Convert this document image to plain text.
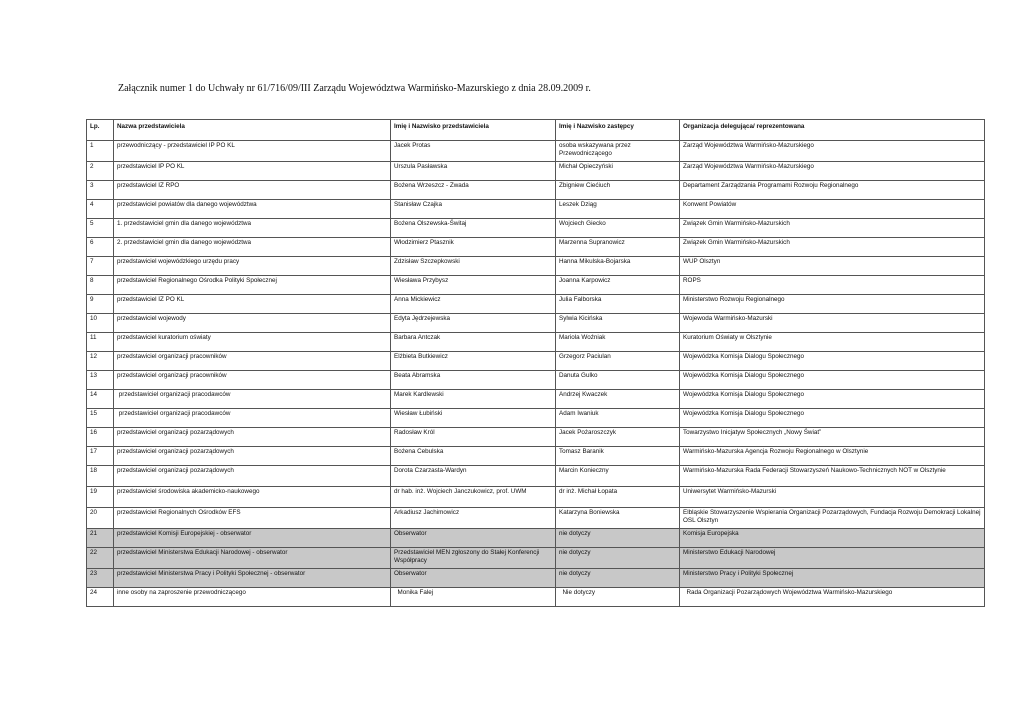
Załącznik numer 1 do Uchwały nr 61/716/09/III Zarządu Województwa Warmińsko-Mazurskiego z dnia 28.09.2009 r.
Lp.	Nazwa przedstawiciela	Imię i Nazwisko przedstawiciela	Imię i Nazwisko zastępcy	Organizacja delegująca/ reprezentowana
1	przewodniczący - przedstawiciel IP PO KL	Jacek Protas	osoba wskazywana przez Przewodniczącego	Zarząd Województwa Warmińsko-Mazurskiego
2	przedstawiciel IP PO KL	Urszula Pasławska	Michał Opieczyński	Zarząd Województwa Warmińsko-Mazurskiego
3	przedstawiciel IZ RPO	Bożena Wrzeszcz - Zwada	Zbigniew Ciećiuch	Departament Zarządzania Programami Rozwoju Regionalnego
4	przedstawiciel powiatów dla danego województwa	Stanisław Czajka	Leszek Dziąg	Konwent Powiatów
5	1. przedstawiciel gmin dla danego województwa	Bożena Olszewska-Świtaj	Wojciech Giecko	Związek Gmin Warmińsko-Mazurskich
6	2. przedstawiciel gmin dla danego województwa	Włodzimierz Ptasznik	Marzenna Supranowicz	Związek Gmin Warmińsko-Mazurskich
7	przedstawiciel wojewódzkiego urzędu pracy	Zdzisław Szczepkowski	Hanna Mikulska-Bojarska	WUP Olsztyn
8	przedstawiciel Regionalnego Ośrodka Polityki Społecznej	Wiesława Przybysz	Joanna Karpowicz	ROPS
9	przedstawiciel IZ PO KL	Anna Mickiewicz	Julia Falborska	Ministerstwo Rozwoju Regionalnego
10	przedstawiciel wojewody	Edyta Jędrzejewska	Sylwia Kicińska	Wojewoda Warmińsko-Mazurski
11	przedstawiciel kuratorium oświaty	Barbara Antczak	Mariola Woźniak	Kuratorium Oświaty w Olsztynie
12	przedstawiciel organizacji pracowników	Elżbieta Butkiewicz	Grzegorz Paciulan	Wojewódzka Komisja Dialogu Społecznego
13	przedstawiciel organizacji pracowników	Beata Abramska	Danuta Gulko	Wojewódzka Komisja Dialogu Społecznego
14	przedstawiciel organizacji pracodawców	Marek Kardlewski	Andrzej Kwaczek	Wojewódzka Komisja Dialogu Społecznego
15	przedstawiciel organizacji pracodawców	Wiesław Łubiński	Adam Iwaniuk	Wojewódzka Komisja Dialogu Społecznego
16	przedstawiciel organizacji pozarządowych	Radosław Król	Jacek Pożaroszczyk	Towarzystwo Inicjatyw Społecznych „Nowy Świat”
17	przedstawiciel organizacji pozarządowych	Bożena Cebulska	Tomasz Baranik	Warmińsko-Mazurska Agencja Rozwoju Regionalnego w Olsztynie
18	przedstawiciel organizacji pozarządowych	Dorota Czarzasta-Wardyn	Marcin Konieczny	Warmińsko-Mazurska Rada Federacji Stowarzyszeń Naukowo-Technicznych NOT w Olsztynie
19	przedstawiciel środowiska akademicko-naukowego	dr hab. inż. Wojciech Janczukowicz, prof. UWM	dr inż. Michał Łopata	Uniwersytet Warmińsko-Mazurski
20	przedstawiciel Regionalnych Ośrodków EFS	Arkadiusz Jachimowicz	Katarzyna Boniewska	Elbląskie Stowarzyszenie Wspierania Organizacji Pozarządowych, Fundacja Rozwoju Demokracji Lokalnej OSL Olsztyn
21	przedstawiciel Komisji Europejskiej - obserwator	Obserwator	nie dotyczy	Komisja Europejska
22	przedstawiciel Ministerstwa Edukacji Narodowej - obserwator	Przedstawiciel MEN zgłoszony do Stałej Konferencji Współpracy	nie dotyczy	Ministerstwo Edukacji Narodowej
23	przedstawiciel Ministerstwa Pracy i Polityki Społecznej - obserwator	Obserwator	nie dotyczy	Ministerstwo Pracy i Polityki Społecznej
24	inne osoby na zaproszenie przewodniczącego	Monika Falej	Nie dotyczy	Rada Organizacji Pozarządowych Województwa Warmińsko-Mazurskiego
